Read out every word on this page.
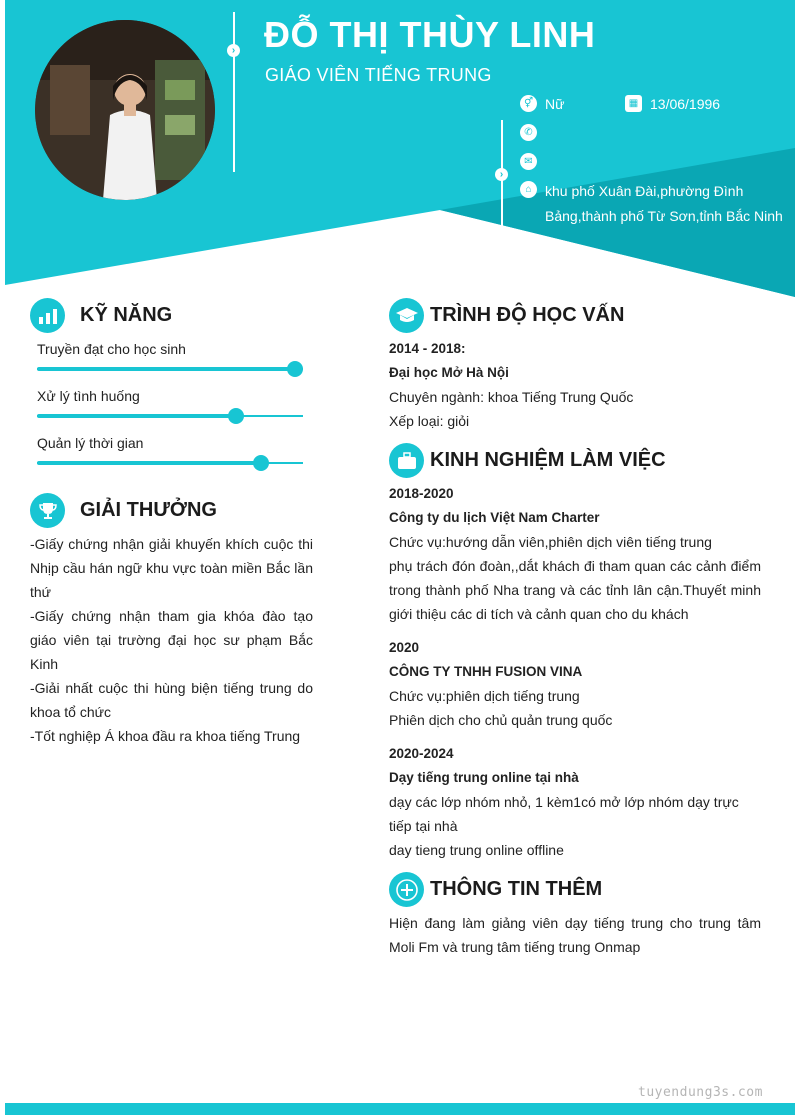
›
›
ĐỖ THỊ THÙY LINH
GIÁO VIÊN TIẾNG TRUNG
⚥ Nữ	▦ 13/06/1996
✆
✉
⌂ khu phố Xuân Đài,phường Đình
Bảng,thành phố Từ Sơn,tỉnh Bắc Ninh
KỸ NĂNG
Truyền đạt cho học sinh
Xử lý tình huống
Quản lý thời gian
GIẢI THƯỞNG

-Giấy chứng nhận giải khuyến khích cuộc thi Nhịp cầu hán ngữ khu vực toàn miền Bắc lần thứ

-Giấy chứng nhận tham gia khóa đào tạo giáo viên tại trường đại học sư phạm Bắc Kinh

-Giải nhất cuộc thi hùng biện tiếng trung do khoa tổ chức

-Tốt nghiệp Á khoa đầu ra khoa tiếng Trung

TRÌNH ĐỘ HỌC VẤN

2014 - 2018:

Đại học Mở Hà Nội

Chuyên ngành: khoa Tiếng Trung Quốc

Xếp loại: giỏi

KINH NGHIỆM LÀM VIỆC

2018-2020

Công ty du lịch Việt Nam Charter

Chức vụ:hướng dẫn viên,phiên dịch viên tiếng trung

phụ trách đón đoàn,,dắt khách đi tham quan các cảnh điểm trong thành phố Nha trang và các tỉnh lân cận.Thuyết minh giới thiệu các di tích và cảnh quan cho du khách

2020

CÔNG TY TNHH FUSION VINA

Chức vụ:phiên dịch tiếng trung

Phiên dịch cho chủ quản trung quốc

2020-2024

Dạy tiếng trung online tại nhà

dạy các lớp nhóm nhỏ, 1 kèm1có mở lớp nhóm dạy trực tiếp tại nhà

day tieng trung online offline

THÔNG TIN THÊM
Hiện đang làm giảng viên dạy tiếng trung cho trung tâm Moli Fm và trung tâm tiếng trung Onmap
tuyendung3s.com
